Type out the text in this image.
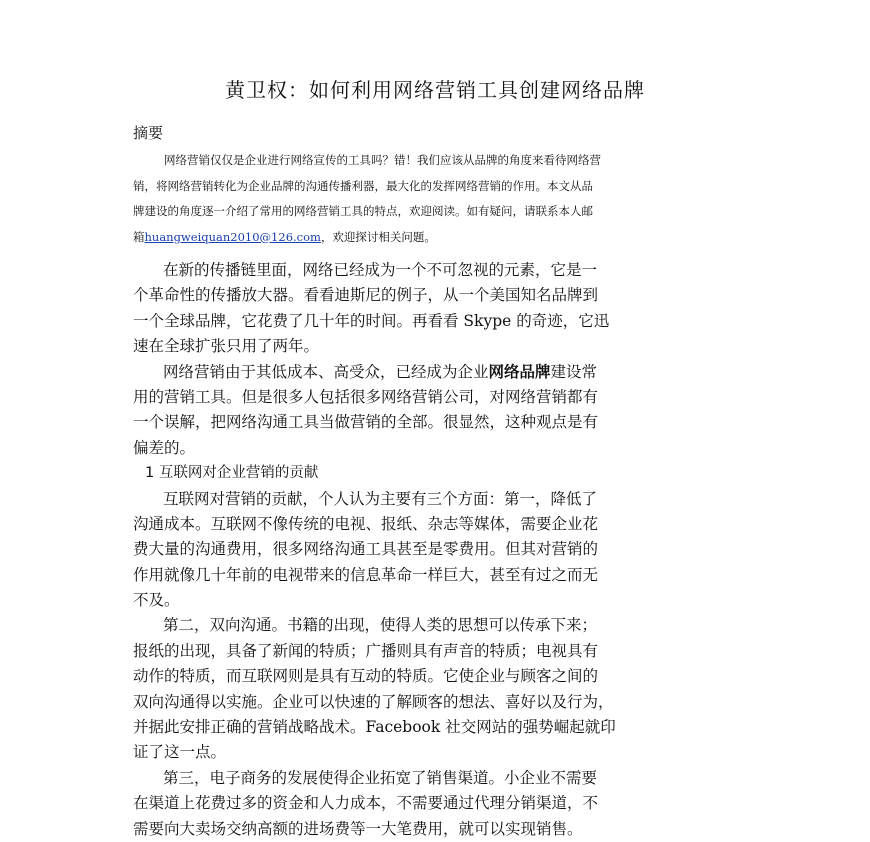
黄卫权：如何利用网络营销工具创建网络品牌
摘要
网络营销仅仅是企业进行网络宣传的工具吗？错！我们应该从品牌的角度来看待网络营
销，将网络营销转化为企业品牌的沟通传播利器，最大化的发挥网络营销的作用。本文从品
牌建设的角度逐一介绍了常用的网络营销工具的特点，欢迎阅读。如有疑问，请联系本人邮
箱huangweiquan2010@126.com，欢迎探讨相关问题。
在新的传播链里面，网络已经成为一个不可忽视的元素，它是一
个革命性的传播放大器。看看迪斯尼的例子，从一个美国知名品牌到
一个全球品牌，它花费了几十年的时间。再看看 Skype 的奇迹，它迅
速在全球扩张只用了两年。
网络营销由于其低成本、高受众，已经成为企业网络品牌建设常
用的营销工具。但是很多人包括很多网络营销公司，对网络营销都有
一个误解，把网络沟通工具当做营销的全部。很显然，这种观点是有
偏差的。
1 互联网对企业营销的贡献
互联网对营销的贡献，个人认为主要有三个方面：第一，降低了
沟通成本。互联网不像传统的电视、报纸、杂志等媒体，需要企业花
费大量的沟通费用，很多网络沟通工具甚至是零费用。但其对营销的
作用就像几十年前的电视带来的信息革命一样巨大，甚至有过之而无
不及。
第二，双向沟通。书籍的出现，使得人类的思想可以传承下来；
报纸的出现，具备了新闻的特质；广播则具有声音的特质；电视具有
动作的特质，而互联网则是具有互动的特质。它使企业与顾客之间的
双向沟通得以实施。企业可以快速的了解顾客的想法、喜好以及行为，
并据此安排正确的营销战略战术。Facebook 社交网站的强势崛起就印
证了这一点。
第三，电子商务的发展使得企业拓宽了销售渠道。小企业不需要
在渠道上花费过多的资金和人力成本，不需要通过代理分销渠道，不
需要向大卖场交纳高额的进场费等一大笔费用，就可以实现销售。
